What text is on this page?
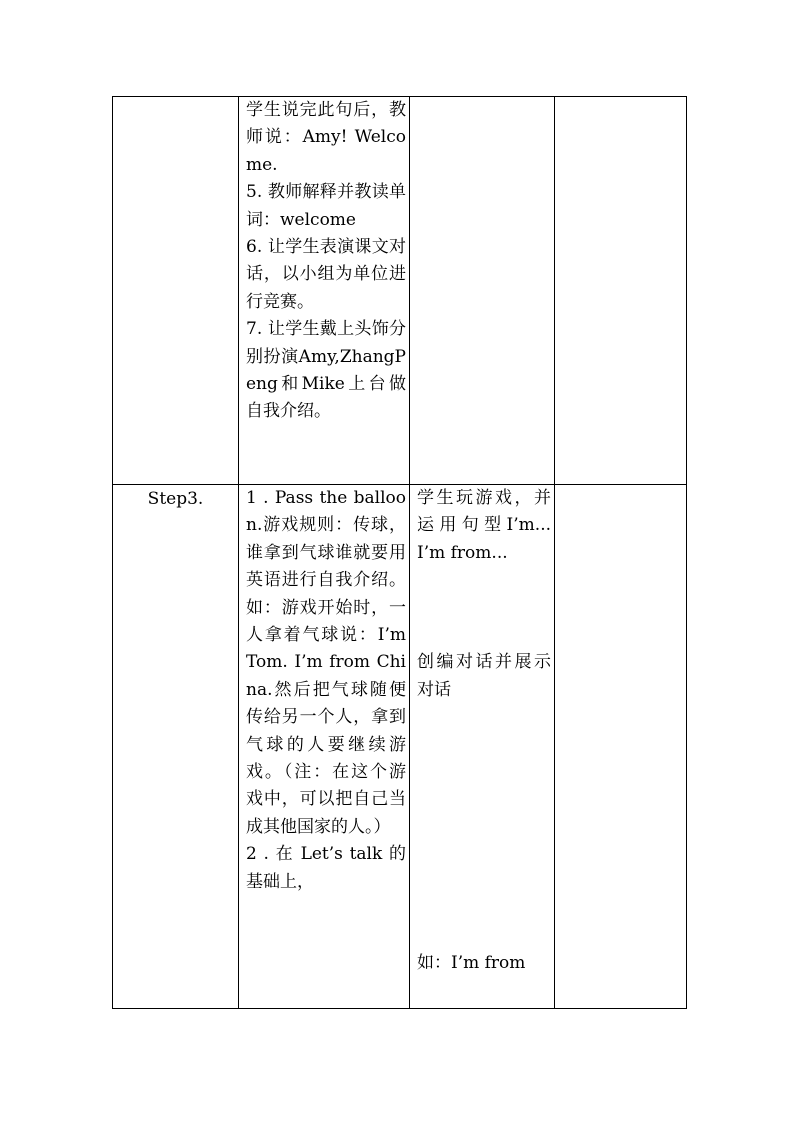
	学生说完此句后，教师说：Amy! Welcome.
5. 教师解释并教读单词：welcome
6. 让学生表演课文对话，以小组为单位进行竞赛。
7. 让学生戴上头饰分别扮演Amy,ZhangPeng和Mike上台做自我介绍。		

Step3.	1 . Pass the balloon.游戏规则：传球，谁拿到气球谁就要用英语进行自我介绍。如：游戏开始时，一人拿着气球说：I’m Tom. I’m from China.然后把气球随便传给另一个人，拿到气球的人要继续游戏。（注：在这个游戏中，可以把自己当成其他国家的人。）
2 . 在 Let’s talk 的基础上，	学生玩游戏，并运用句型I’m... I’m from...
创编对话并展示对话
如：I’m from	
